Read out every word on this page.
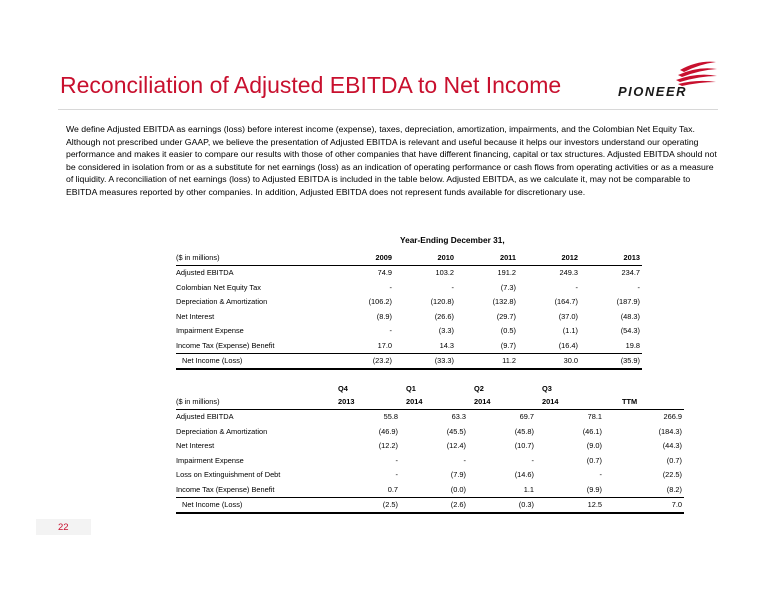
Reconciliation of Adjusted EBITDA to Net Income	PIONEER
We define Adjusted EBITDA as earnings (loss) before interest income (expense), taxes, depreciation, amortization, impairments, and the Colombian Net Equity Tax. Although not prescribed under GAAP, we believe the presentation of Adjusted EBITDA is relevant and useful because it helps our investors understand our operating performance and makes it easier to compare our results with those of other companies that have different financing, capital or tax structures. Adjusted EBITDA should not be considered in isolation from or as a substitute for net earnings (loss) as an indication of operating performance or cash flows from operating activities or as a measure of liquidity. A reconciliation of net earnings (loss) to Adjusted EBITDA is included in the table below. Adjusted EBITDA, as we calculate it, may not be comparable to EBITDA measures reported by other companies. In addition, Adjusted EBITDA does not represent funds available for discretionary use.
Year-Ending December 31,
($ in millions)	2009	2010	2011	2012	2013
Adjusted EBITDA	74.9	103.2	191.2	249.3	234.7
Colombian Net Equity Tax	-	-	(7.3)	-	-
Depreciation & Amortization	(106.2)	(120.8)	(132.8)	(164.7)	(187.9)
Net Interest	(8.9)	(26.6)	(29.7)	(37.0)	(48.3)
Impairment Expense	-	(3.3)	(0.5)	(1.1)	(54.3)
Income Tax (Expense) Benefit	17.0	14.3	(9.7)	(16.4)	19.8
Net Income (Loss)	(23.2)	(33.3)	11.2	30.0	(35.9)
	Q4	Q1	Q2	Q3	
($ in millions)	2013	2014	2014	2014	TTM
Adjusted EBITDA	55.8	63.3	69.7	78.1	266.9
Depreciation & Amortization	(46.9)	(45.5)	(45.8)	(46.1)	(184.3)
Net Interest	(12.2)	(12.4)	(10.7)	(9.0)	(44.3)
Impairment Expense	-	-	-	(0.7)	(0.7)
Loss on Extinguishment of Debt	-	(7.9)	(14.6)	-	(22.5)
Income Tax (Expense) Benefit	0.7	(0.0)	1.1	(9.9)	(8.2)
Net Income (Loss)	(2.5)	(2.6)	(0.3)	12.5	7.0
22
